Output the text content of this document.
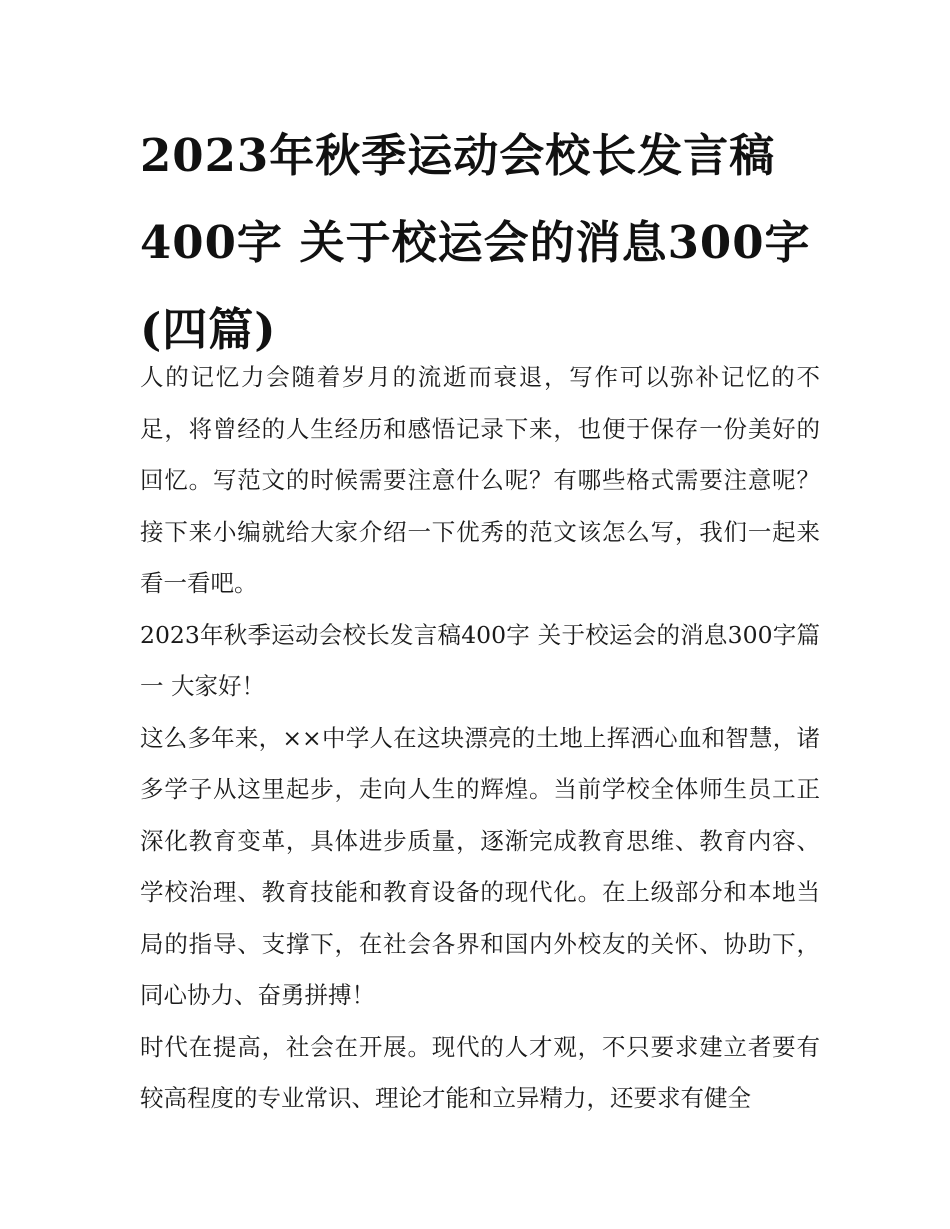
2023年秋季运动会校长发言稿400字 关于校运会的消息300字(四篇)

人的记忆力会随着岁月的流逝而衰退，写作可以弥补记忆的不足，将曾经的人生经历和感悟记录下来，也便于保存一份美好的回忆。写范文的时候需要注意什么呢？有哪些格式需要注意呢？接下来小编就给大家介绍一下优秀的范文该怎么写，我们一起来看一看吧。

2023年秋季运动会校长发言稿400字 关于校运会的消息300字篇一 大家好！

这么多年来，××中学人在这块漂亮的土地上挥洒心血和智慧，诸多学子从这里起步，走向人生的辉煌。当前学校全体师生员工正深化教育变革，具体进步质量，逐渐完成教育思维、教育内容、学校治理、教育技能和教育设备的现代化。在上级部分和本地当局的指导、支撑下，在社会各界和国内外校友的关怀、协助下，同心协力、奋勇拼搏！

时代在提高，社会在开展。现代的人才观，不只要求建立者要有较高程度的专业常识、理论才能和立异精力，还要求有健全
